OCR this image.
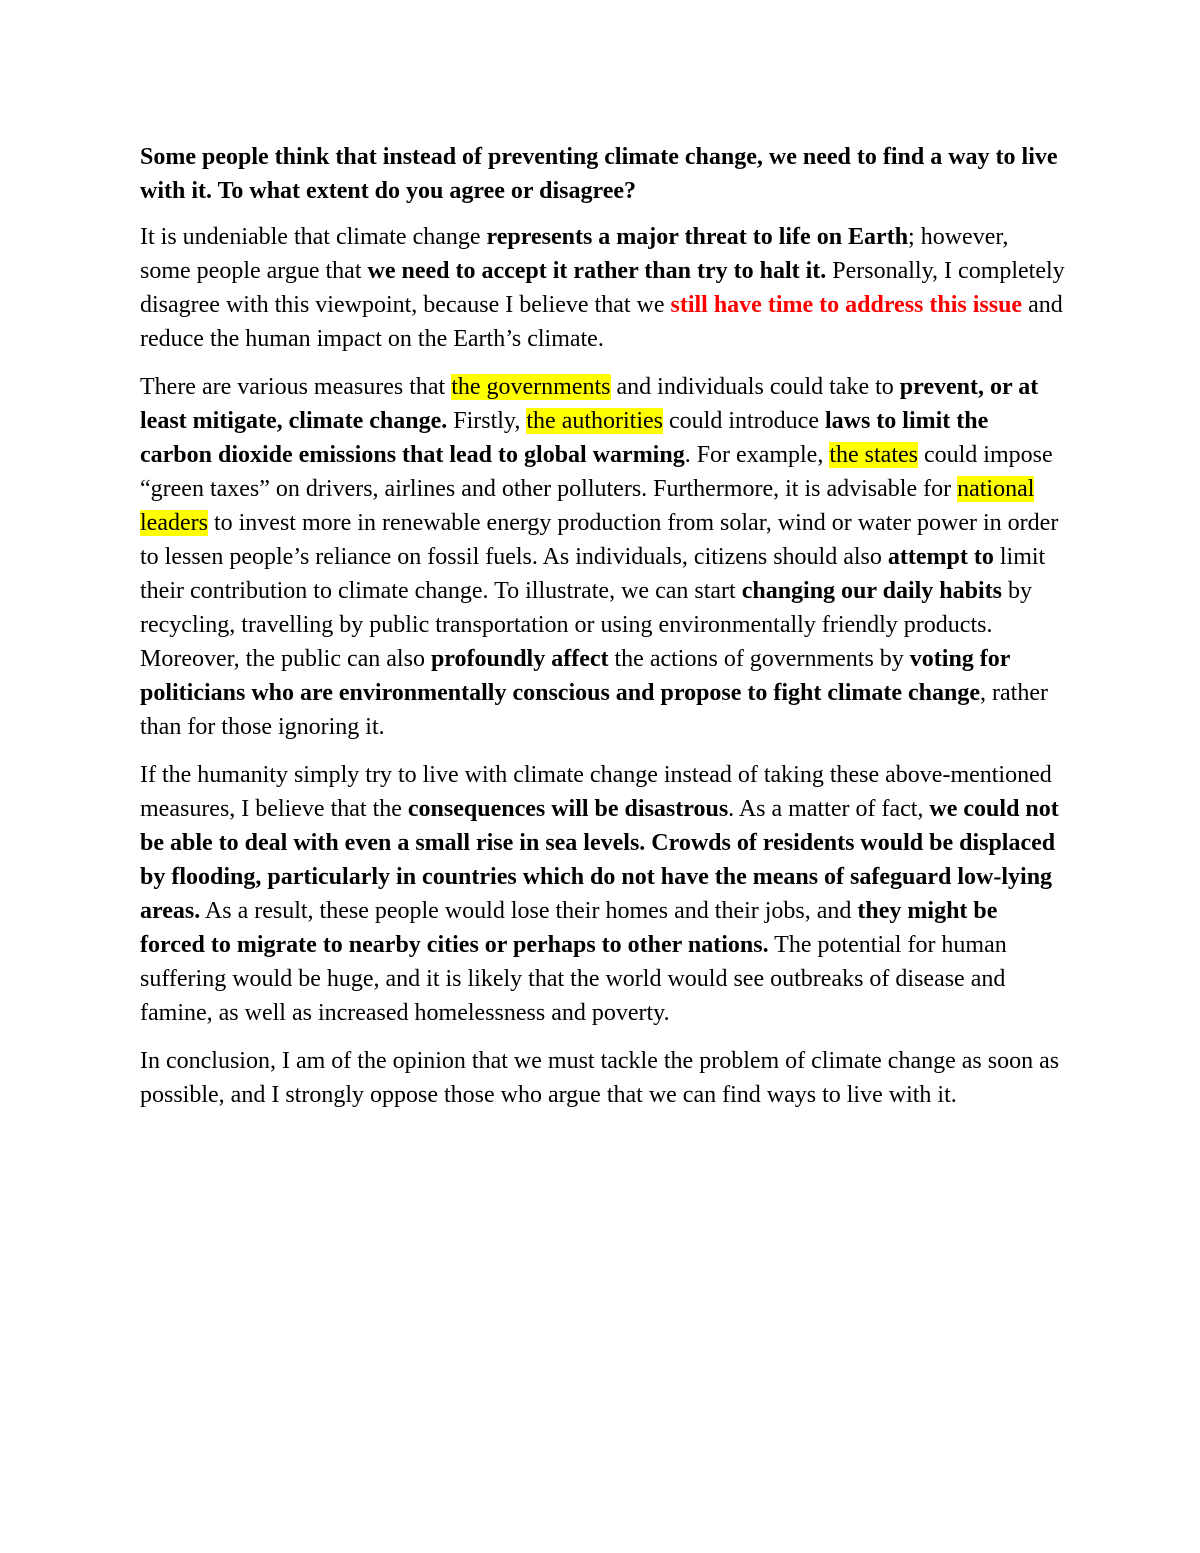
Some people think that instead of preventing climate change, we need to find a way to live with it. To what extent do you agree or disagree?

It is undeniable that climate change represents a major threat to life on Earth; however, some people argue that we need to accept it rather than try to halt it. Personally, I completely disagree with this viewpoint, because I believe that we still have time to address this issue and reduce the human impact on the Earth’s climate.

There are various measures that the governments and individuals could take to prevent, or at least mitigate, climate change. Firstly, the authorities could introduce laws to limit the carbon dioxide emissions that lead to global warming. For example, the states could impose “green taxes” on drivers, airlines and other polluters. Furthermore, it is advisable for national leaders to invest more in renewable energy production from solar, wind or water power in order to lessen people’s reliance on fossil fuels. As individuals, citizens should also attempt to limit their contribution to climate change. To illustrate, we can start changing our daily habits by recycling, travelling by public transportation or using environmentally friendly products. Moreover, the public can also profoundly affect the actions of governments by voting for politicians who are environmentally conscious and propose to fight climate change, rather than for those ignoring it.

If the humanity simply try to live with climate change instead of taking these above-mentioned measures, I believe that the consequences will be disastrous. As a matter of fact, we could not be able to deal with even a small rise in sea levels. Crowds of residents would be displaced by flooding, particularly in countries which do not have the means of safeguard low-lying areas. As a result, these people would lose their homes and their jobs, and they might be forced to migrate to nearby cities or perhaps to other nations. The potential for human suffering would be huge, and it is likely that the world would see outbreaks of disease and famine, as well as increased homelessness and poverty.

In conclusion, I am of the opinion that we must tackle the problem of climate change as soon as possible, and I strongly oppose those who argue that we can find ways to live with it.
